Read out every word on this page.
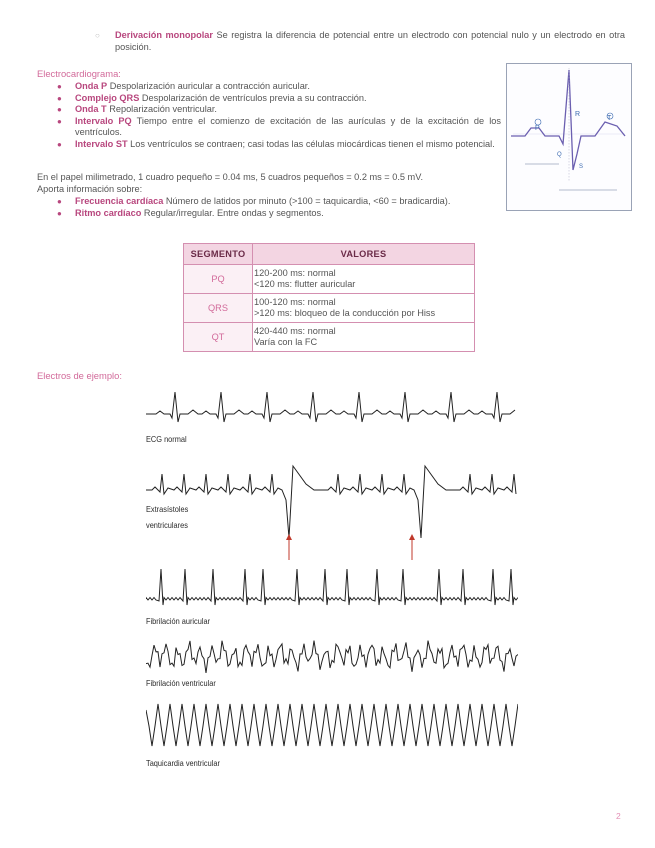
○ Derivación monopolar Se registra la diferencia de potencial entre un electrodo con potencial nulo y un electrodo en otra posición.
Electrocardiograma:
● Onda P Despolarización auricular a contracción auricular.
● Complejo QRS Despolarización de ventrículos previa a su contracción.
● Onda T Repolarización ventricular.
● Intervalo PQ Tiempo entre el comienzo de excitación de las aurículas y de la excitación de los ventrículos.
● Intervalo ST Los ventrículos se contraen; casi todas las células miocárdicas tienen el mismo potencial.
P
R
T
Q
S
En el papel milimetrado, 1 cuadro pequeño = 0.04 ms, 5 cuadros pequeños = 0.2 ms = 0.5 mV.
Aporta información sobre:
● Frecuencia cardíaca Número de latidos por minuto (>100 = taquicardia, <60 = bradicardia).
● Ritmo cardíaco Regular/irregular. Entre ondas y segmentos.
SEGMENTO	VALORES
PQ	120-200 ms: normal
<120 ms: flutter auricular

QRS	100-120 ms: normal
>120 ms: bloqueo de la conducción por Hiss

QT	420-440 ms: normal
Varía con la FC
Electros de ejemplo:
ECG normal
Extrasístoles
ventriculares
Fibrilación auricular
Fibrilación ventricular
Taquicardia ventricular
2
